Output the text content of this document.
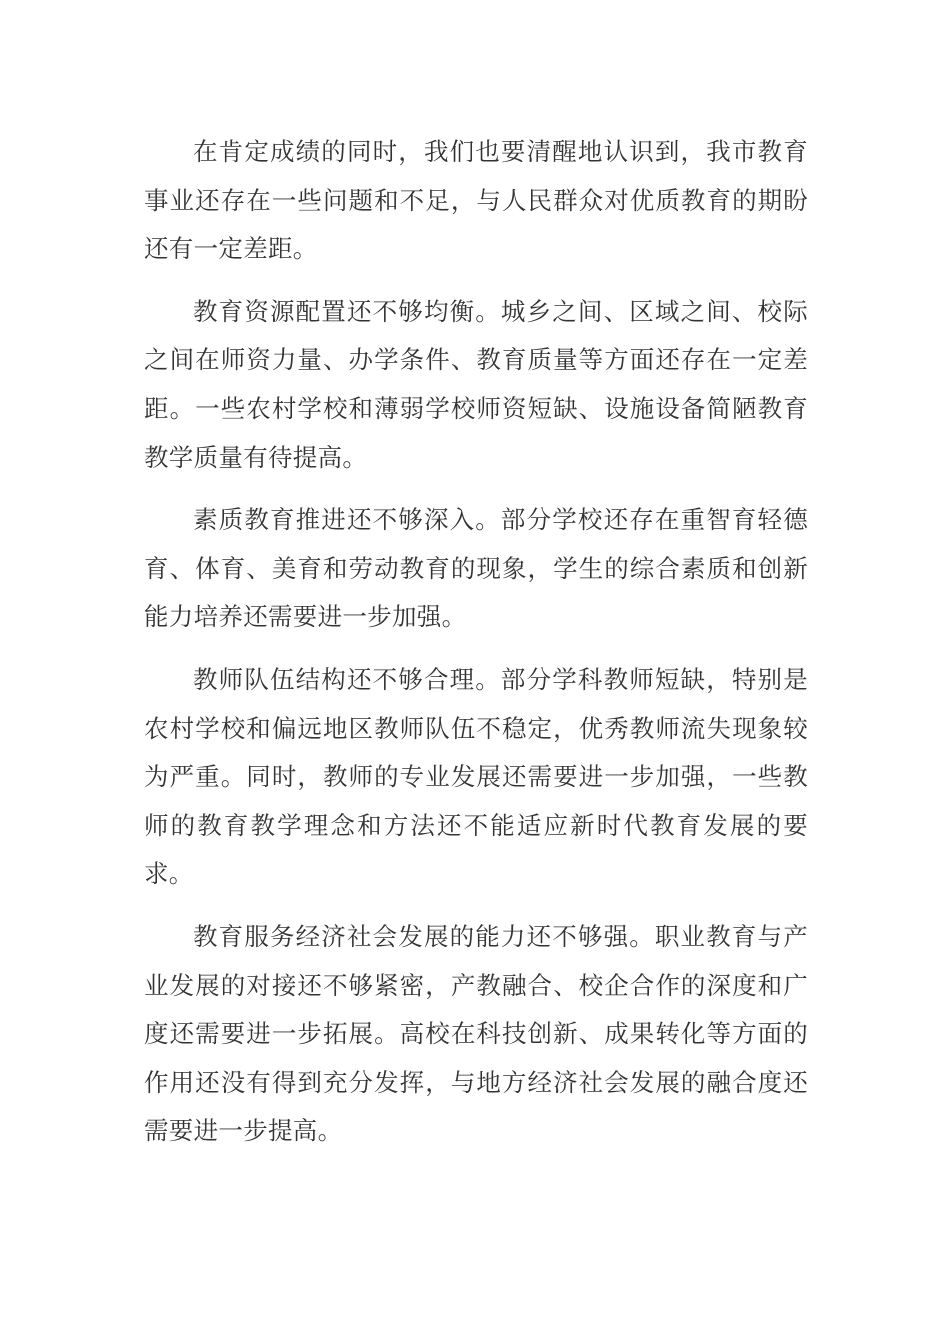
在肯定成绩的同时，我们也要清醒地认识到，我市教育事业还存在一些问题和不足，与人民群众对优质教育的期盼还有一定差距。

教育资源配置还不够均衡。城乡之间、区域之间、校际之间在师资力量、办学条件、教育质量等方面还存在一定差距。一些农村学校和薄弱学校师资短缺、设施设备简陋教育教学质量有待提高。

素质教育推进还不够深入。部分学校还存在重智育轻德育、体育、美育和劳动教育的现象，学生的综合素质和创新能力培养还需要进一步加强。

教师队伍结构还不够合理。部分学科教师短缺，特别是农村学校和偏远地区教师队伍不稳定，优秀教师流失现象较为严重。同时，教师的专业发展还需要进一步加强，一些教师的教育教学理念和方法还不能适应新时代教育发展的要求。

教育服务经济社会发展的能力还不够强。职业教育与产业发展的对接还不够紧密，产教融合、校企合作的深度和广度还需要进一步拓展。高校在科技创新、成果转化等方面的作用还没有得到充分发挥，与地方经济社会发展的融合度还需要进一步提高。
